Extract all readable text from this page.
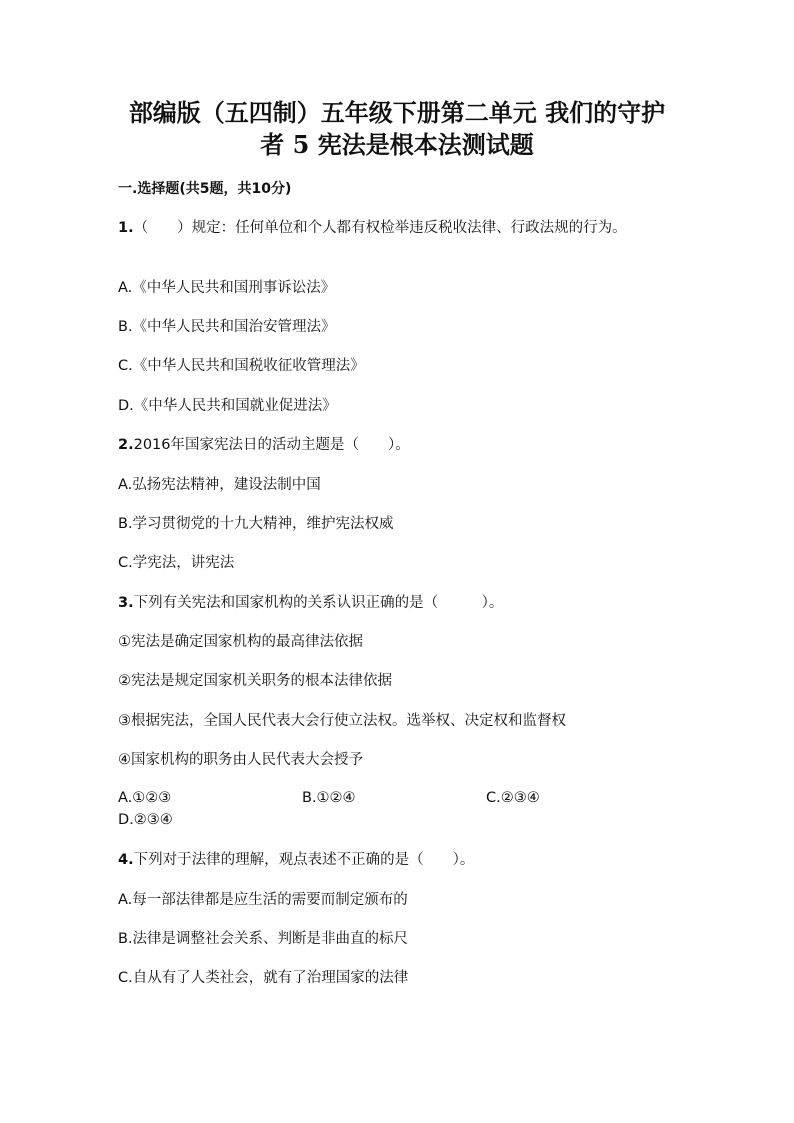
部编版（五四制）五年级下册第二单元 我们的守护
者 5 宪法是根本法测试题

一.选择题(共5题，共10分)

1.（　　）规定：任何单位和个人都有权检举违反税收法律、行政法规的行为。

A.《中华人民共和国刑事诉讼法》

B.《中华人民共和国治安管理法》

C.《中华人民共和国税收征收管理法》

D.《中华人民共和国就业促进法》

2.2016年国家宪法日的活动主题是（　　）。

A.弘扬宪法精神，建设法制中国

B.学习贯彻党的十九大精神，维护宪法权威

C.学宪法，讲宪法

3.下列有关宪法和国家机构的关系认识正确的是（　　　）。

①宪法是确定国家机构的最高律法依据

②宪法是规定国家机关职务的根本法律依据

③根据宪法，全国人民代表大会行使立法权。选举权、决定权和监督权

④国家机构的职务由人民代表大会授予

A.①②③	B.①②④	C.②③④
D.②③④
4.下列对于法律的理解，观点表述不正确的是（　　）。

A.每一部法律都是应生活的需要而制定颁布的

B.法律是调整社会关系、判断是非曲直的标尺

C.自从有了人类社会，就有了治理国家的法律
